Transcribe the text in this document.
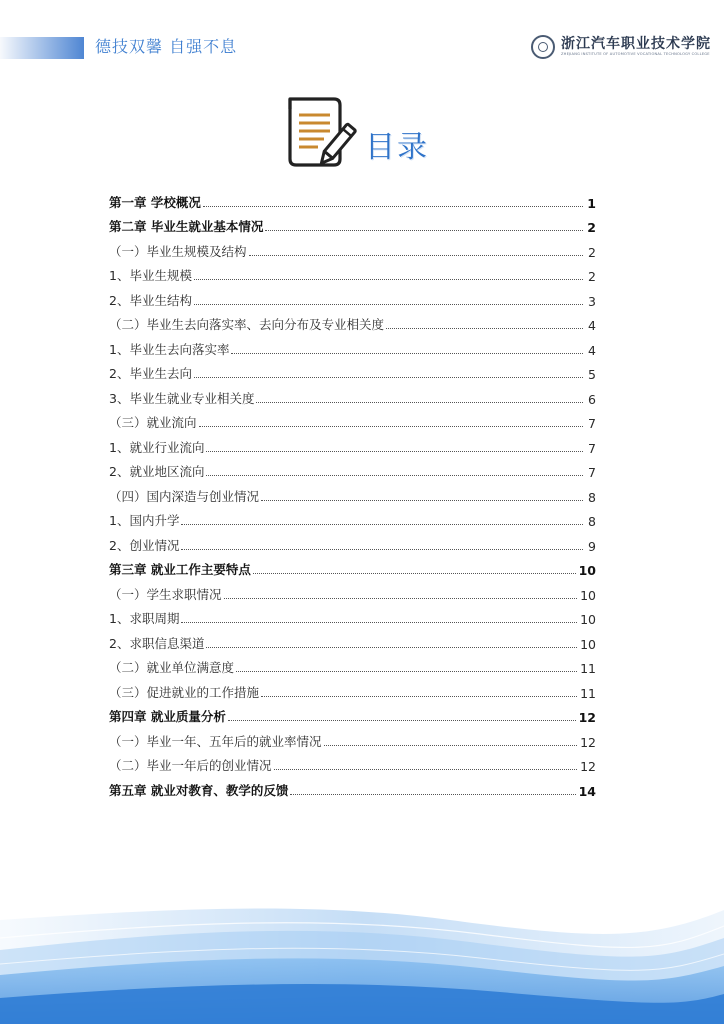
德技双馨 自强不息	浙江汽车职业技术学院
ZHEJIANG INSTITUTE OF AUTOMOTIVE VOCATIONAL TECHNOLOGY COLLEGE
目录
第一章 学校概况	1
第二章 毕业生就业基本情况	2
（一）毕业生规模及结构	2
1、毕业生规模	2
2、毕业生结构	3
（二）毕业生去向落实率、去向分布及专业相关度	4
1、毕业生去向落实率	4
2、毕业生去向	5
3、毕业生就业专业相关度	6
（三）就业流向	7
1、就业行业流向	7
2、就业地区流向	7
（四）国内深造与创业情况	8
1、国内升学	8
2、创业情况	9
第三章 就业工作主要特点	10
（一）学生求职情况	10
1、求职周期	10
2、求职信息渠道	10
（二）就业单位满意度	11
（三）促进就业的工作措施	11
第四章 就业质量分析	12
（一）毕业一年、五年后的就业率情况	12
（二）毕业一年后的创业情况	12
第五章 就业对教育、教学的反馈	14
